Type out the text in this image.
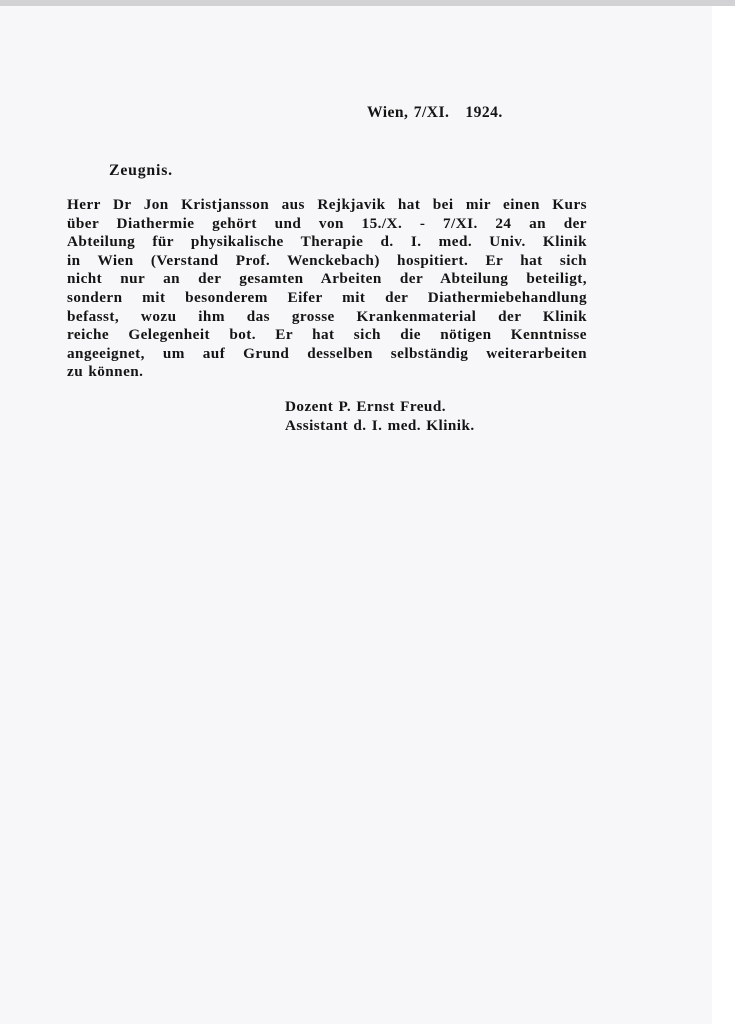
Wien, 7/XI.   1924.
Zeugnis.
Herr Dr Jon Kristjansson aus Rejkjavik hat bei mir einen Kurs
über Diathermie gehört und von 15./X. - 7/XI. 24 an der
Abteilung für physikalische Therapie d. I. med. Univ. Klinik
in Wien (Verstand Prof. Wenckebach) hospitiert. Er hat sich
nicht nur an der gesamten Arbeiten der Abteilung beteiligt,
sondern mit besonderem Eifer mit der Diathermiebehandlung
befasst, wozu ihm das grosse Krankenmaterial der Klinik
reiche Gelegenheit bot. Er hat sich die nötigen Kenntnisse
angeeignet, um auf Grund desselben selbständig weiterarbeiten
zu können.
Dozent P. Ernst Freud.
Assistant d. I. med. Klinik.
